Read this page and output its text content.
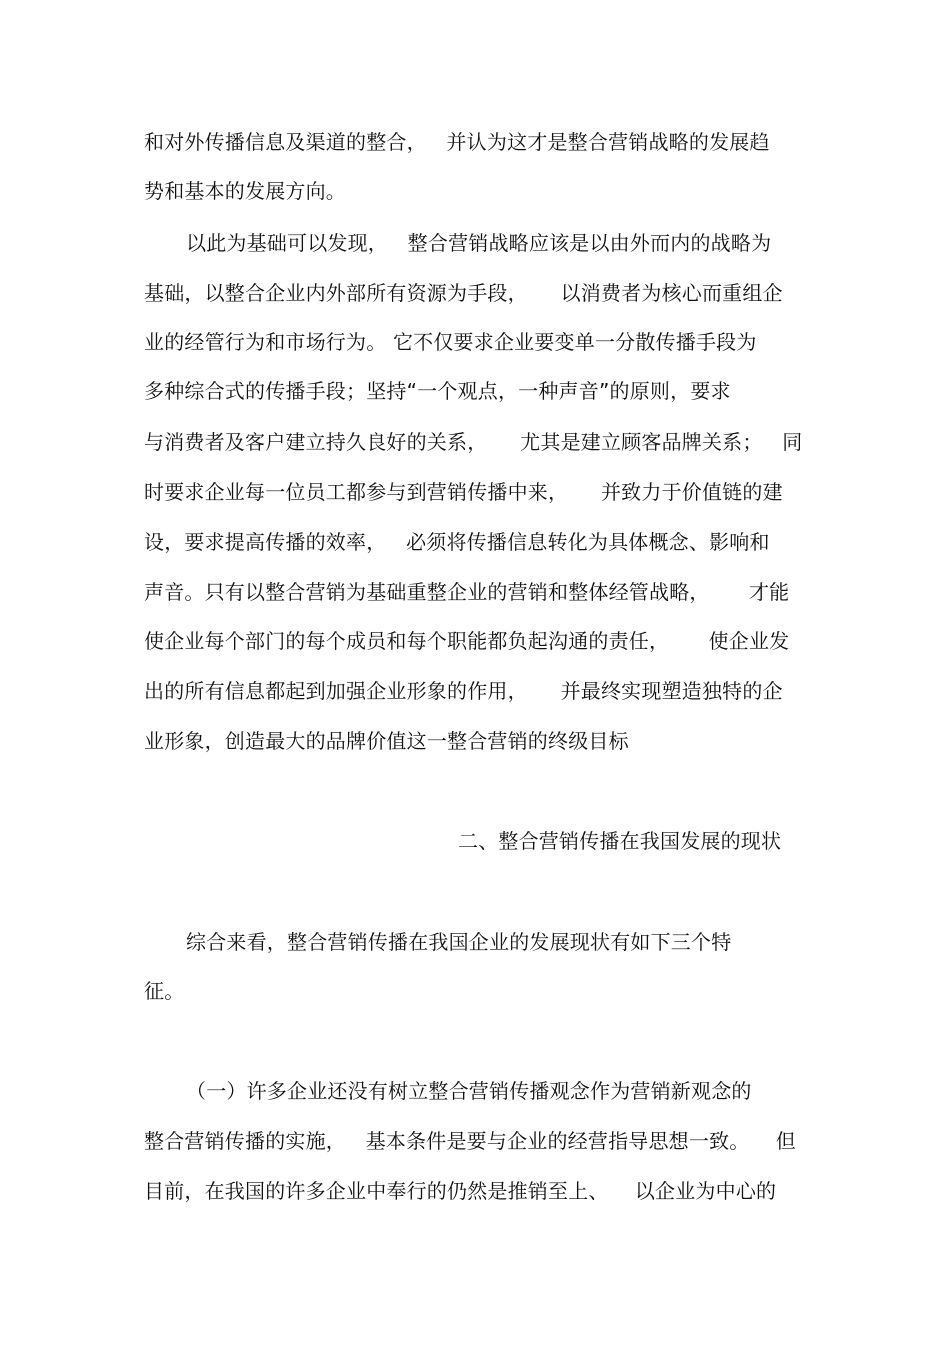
和对外传播信息及渠道的整合，   并认为这才是整合营销战略的发展趋
势和基本的发展方向。
以此为基础可以发现，   整合营销战略应该是以由外而内的战略为
基础，以整合企业内外部所有资源为手段，     以消费者为核心而重组企
业的经管行为和市场行为。 它不仅要求企业要变单一分散传播手段为
多种综合式的传播手段；坚持“一个观点，一种声音”的原则，要求
与消费者及客户建立持久良好的关系，     尤其是建立顾客品牌关系；   同
时要求企业每一位员工都参与到营销传播中来，     并致力于价值链的建
设，要求提高传播的效率，   必须将传播信息转化为具体概念、影响和
声音。只有以整合营销为基础重整企业的营销和整体经管战略，      才能
使企业每个部门的每个成员和每个职能都负起沟通的责任，      使企业发
出的所有信息都起到加强企业形象的作用，     并最终实现塑造独特的企
业形象，创造最大的品牌价值这一整合营销的终级目标
二、整合营销传播在我国发展的现状
综合来看，整合营销传播在我国企业的发展现状有如下三个特
征。
（一）许多企业还没有树立整合营销传播观念作为营销新观念的
整合营销传播的实施，   基本条件是要与企业的经营指导思想一致。    但
目前，在我国的许多企业中奉行的仍然是推销至上、    以企业为中心的
